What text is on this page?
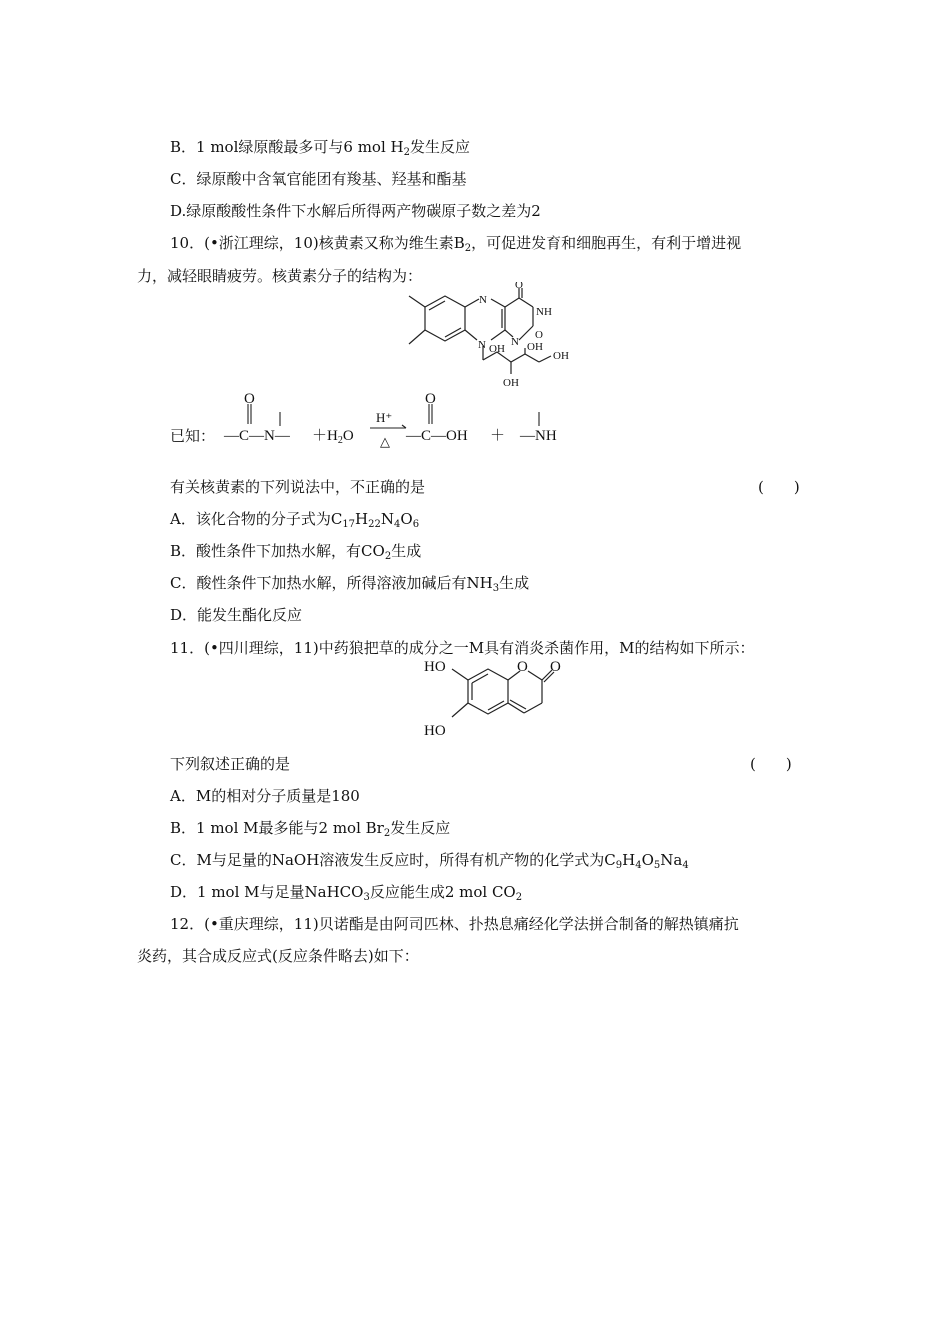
B．1 mol绿原酸最多可与6 mol $H_2$发生反应
C．绿原酸中含氧官能团有羧基、羟基和酯基
D.绿原酸酸性条件下水解后所得两产物碳原子数之差为2
10．(•浙江理综，10)核黄素又称为维生素$B_2$，可促进发育和细胞再生，有利于增进视
力，减轻眼睛疲劳。核黄素分子的结构为：
N
N N
NH
O
O
OH OH
OH
OH
已知：
O
—C—N— $+H_2O$
H⁺
△
O
—C—OH ＋ —NH
有关核黄素的下列说法中，不正确的是	(　　)
A．该化合物的分子式为$C_{17}H_{22}N_4O_6$
B．酸性条件下加热水解，有$CO_2$生成
C．酸性条件下加热水解，所得溶液加碱后有$NH_3$生成
D．能发生酯化反应
11．(•四川理综，11)中药狼把草的成分之一M具有消炎杀菌作用，M的结构如下所示：
HO
HO
O O
下列叙述正确的是	(　　)
A．M的相对分子质量是180
B．1 mol M最多能与2 mol $Br_2$发生反应
C．M与足量的NaOH溶液发生反应时，所得有机产物的化学式为$C_9H_4O_5Na_4$
D．1 mol M与足量NaHCO$_3$反应能生成2 mol $CO_2$
12．(•重庆理综，11)贝诺酯是由阿司匹林、扑热息痛经化学法拼合制备的解热镇痛抗
炎药，其合成反应式(反应条件略去)如下：
